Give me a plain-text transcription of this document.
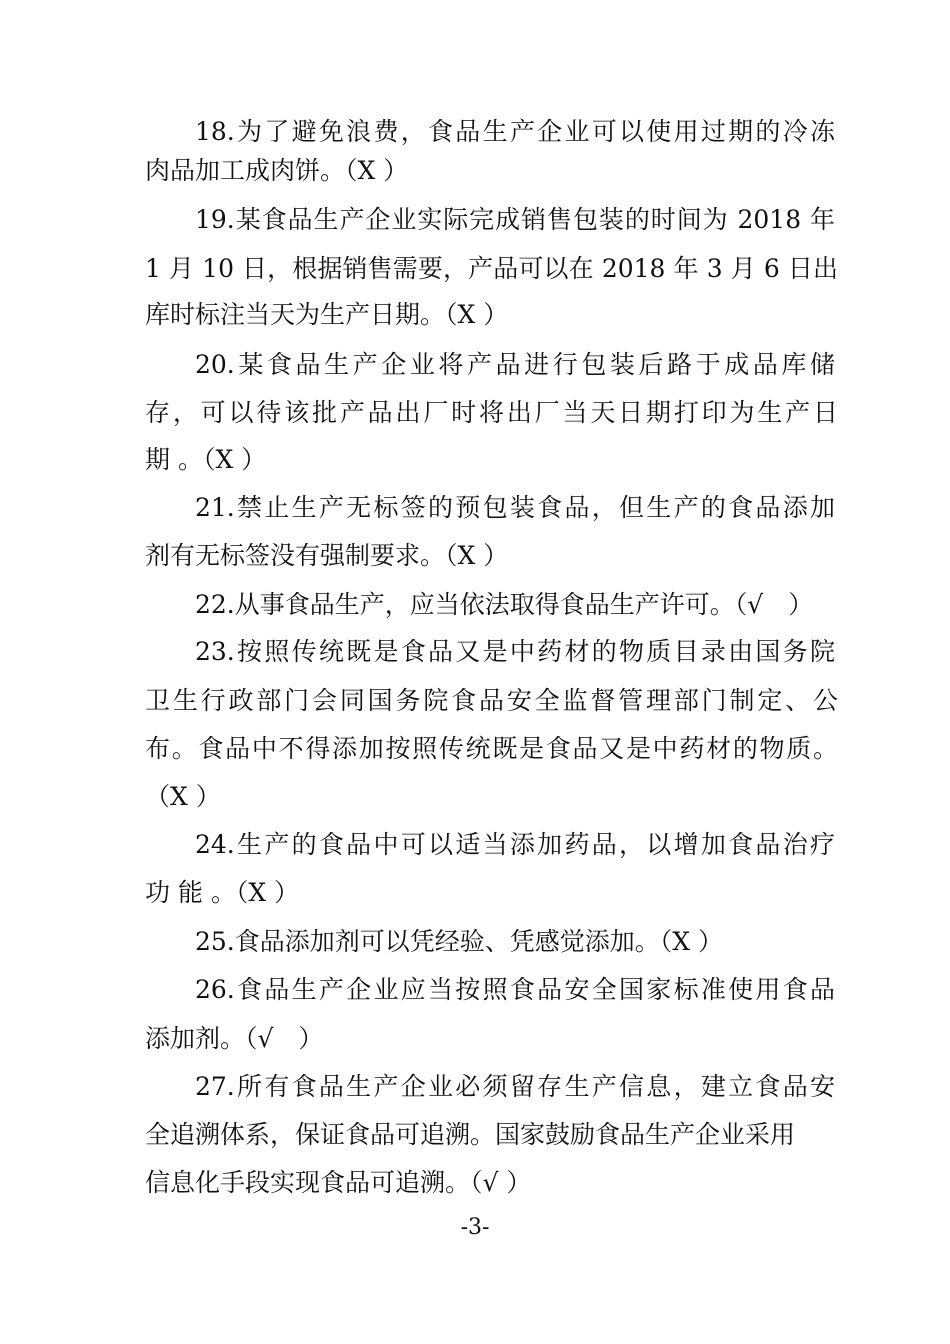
18.为了避免浪费，食品生产企业可以使用过期的冷冻
肉品加工成肉饼。（X ）
19.某食品生产企业实际完成销售包装的时间为 2018 年
1 月 10 日，根据销售需要，产品可以在 2018 年 3 月 6 日出
库时标注当天为生产日期。（X ）
20.某食品生产企业将产品进行包装后路于成品库储
存，可以待该批产品出厂时将出厂当天日期打印为生产日
期 。（X ）
21.禁止生产无标签的预包装食品，但生产的食品添加
剂有无标签没有强制要求。（X ）
22.从事食品生产，应当依法取得食品生产许可。（√　）
23.按照传统既是食品又是中药材的物质目录由国务院
卫生行政部门会同国务院食品安全监督管理部门制定、公
布。食品中不得添加按照传统既是食品又是中药材的物质。
（X ）
24.生产的食品中可以适当添加药品，以增加食品治疗
功 能 。（X ）
25.食品添加剂可以凭经验、凭感觉添加。（X ）
26.食品生产企业应当按照食品安全国家标准使用食品
添加剂。（√　）
27.所有食品生产企业必须留存生产信息，建立食品安
全追溯体系，保证食品可追溯。国家鼓励食品生产企业采用
信息化手段实现食品可追溯。（√ ）
-3-
